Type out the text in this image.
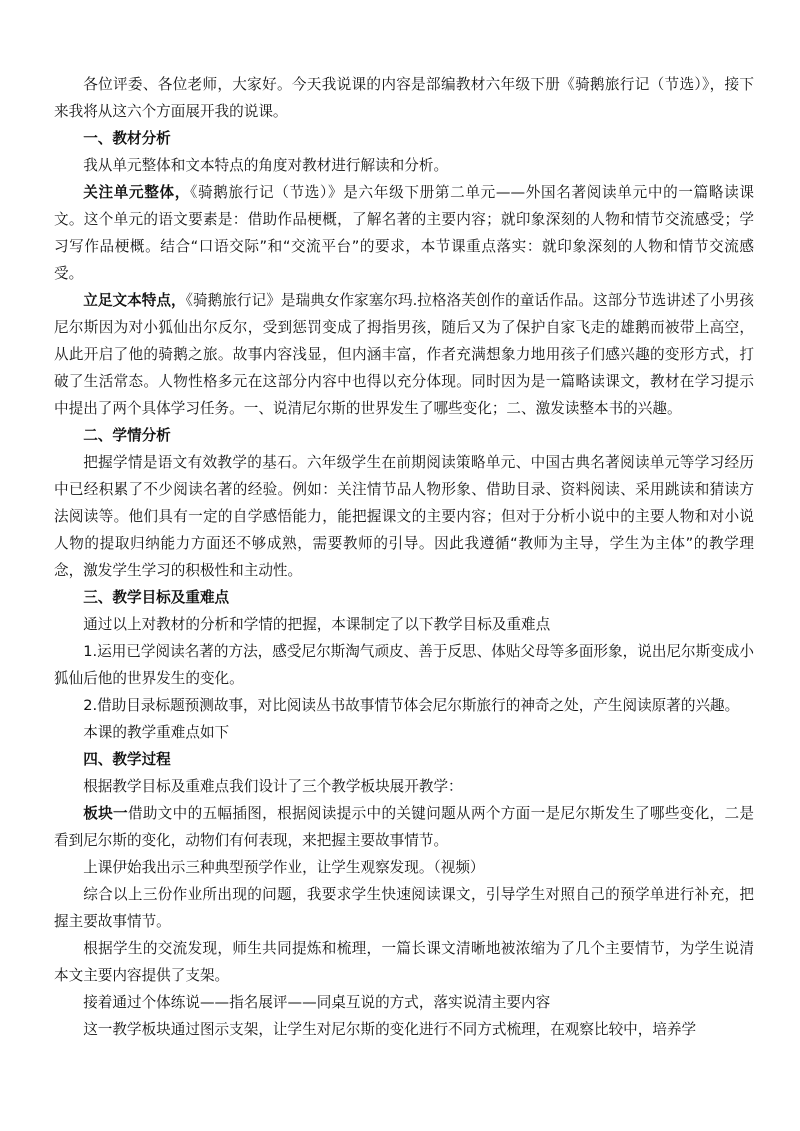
各位评委、各位老师，大家好。今天我说课的内容是部编教材六年级下册《骑鹅旅行记（节选）》，接下来我将从这六个方面展开我的说课。

一、教材分析

我从单元整体和文本特点的角度对教材进行解读和分析。

关注单元整体，《骑鹅旅行记（节选）》是六年级下册第二单元——外国名著阅读单元中的一篇略读课文。这个单元的语文要素是：借助作品梗概，了解名著的主要内容；就印象深刻的人物和情节交流感受；学习写作品梗概。结合“口语交际”和“交流平台”的要求，本节课重点落实：就印象深刻的人物和情节交流感受。

立足文本特点，《骑鹅旅行记》是瑞典女作家塞尔玛.拉格洛芙创作的童话作品。这部分节选讲述了小男孩尼尔斯因为对小狐仙出尔反尔，受到惩罚变成了拇指男孩，随后又为了保护自家飞走的雄鹅而被带上高空，从此开启了他的骑鹅之旅。故事内容浅显，但内涵丰富，作者充满想象力地用孩子们感兴趣的变形方式，打破了生活常态。人物性格多元在这部分内容中也得以充分体现。同时因为是一篇略读课文，教材在学习提示中提出了两个具体学习任务。一、说清尼尔斯的世界发生了哪些变化；二、激发读整本书的兴趣。

二、学情分析

把握学情是语文有效教学的基石。六年级学生在前期阅读策略单元、中国古典名著阅读单元等学习经历中已经积累了不少阅读名著的经验。例如：关注情节品人物形象、借助目录、资料阅读、采用跳读和猜读方法阅读等。他们具有一定的自学感悟能力，能把握课文的主要内容；但对于分析小说中的主要人物和对小说人物的提取归纳能力方面还不够成熟，需要教师的引导。因此我遵循“教师为主导，学生为主体”的教学理念，激发学生学习的积极性和主动性。

三、教学目标及重难点

通过以上对教材的分析和学情的把握，本课制定了以下教学目标及重难点

1.运用已学阅读名著的方法，感受尼尔斯淘气顽皮、善于反思、体贴父母等多面形象，说出尼尔斯变成小狐仙后他的世界发生的变化。

2.借助目录标题预测故事，对比阅读丛书故事情节体会尼尔斯旅行的神奇之处，产生阅读原著的兴趣。

本课的教学重难点如下

四、教学过程

根据教学目标及重难点我们设计了三个教学板块展开教学：

板块一借助文中的五幅插图，根据阅读提示中的关键问题从两个方面一是尼尔斯发生了哪些变化，二是看到尼尔斯的变化，动物们有何表现，来把握主要故事情节。

上课伊始我出示三种典型预学作业，让学生观察发现。（视频）

综合以上三份作业所出现的问题，我要求学生快速阅读课文，引导学生对照自己的预学单进行补充，把握主要故事情节。

根据学生的交流发现，师生共同提炼和梳理，一篇长课文清晰地被浓缩为了几个主要情节，为学生说清本文主要内容提供了支架。

接着通过个体练说——指名展评——同桌互说的方式，落实说清主要内容

这一教学板块通过图示支架，让学生对尼尔斯的变化进行不同方式梳理，在观察比较中，培养学
